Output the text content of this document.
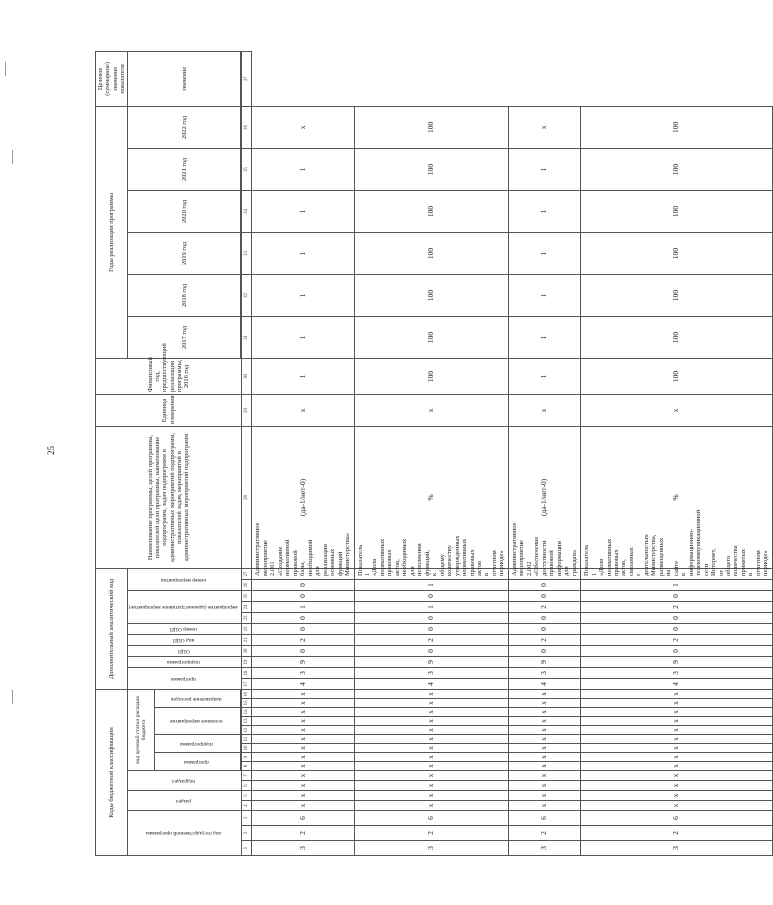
25
Коды бюджетной классификации																Дополнительный аналитический код											Наименование программы, целей программы, показателей цели программы, наименование подпрограмм, задач подпрограмм и административных мероприятий подпрограмм, показателей задач, мероприятий и административных мероприятий подпрограмм	Единица измерения	Финансовый год, предшествующий реализации программы, 2016 год	Годы реализации программы						Целевое (суммарное) значение показателя
код государственной программы			раздел		подраздел		код целевой статьи расходов бюджета									программа		подпрограмма	ОЦП	вид ОЦП	номер ОЦП	мероприятие (административное мероприятие)			номер мероприятия					2017 год	2018 год	2019 год	2020 год	2021 год	2022 год	значение
							программа		подпрограмма		основное мероприятие			направление расходов																						

1	2	3	4	5	6	7	8	9	10	11	12	13	14	15	16	17	18	19	20	21	22	23	24	25	26	27	28	29	30	31	32	33	34	35	36	37
3	2	6	х	х	х	х	х	х	х	х	х	х	х	х	х	4	3	9	0	2	0	0	1	0	0	Административное мероприятие 2.001 «Создание нормативной правовой базы, необходимой для реализации основных функций Министерства»	(да-1/нет-0)	х	1	1	1	1	1	1	х	
3	2	6	х	х	х	х	х	х	х	х	х	х	х	х	х	4	3	9	0	2	0	0	1	0	1	Показатель 1 «Доля нормативных правовых актов, необходимых для исполнения функций, к общему количеству утвержденных нормативных правовых актов в отчетном периоде»	%	х	100	100	100	100	100	100	100	
3	2	6	х	х	х	х	х	х	х	х	х	х	х	х	х	4	3	9	0	2	0	0	2	0	0	Административное мероприятие 2.002 «Обеспечение доступности правовой информации для граждан»	(да-1/нет-0)	х	1	1	1	1	1	1	х	
3	2	6	х	х	х	х	х	х	х	х	х	х	х	х	х	4	3	9	0	2	0	0	2	0	1	Показатель 1 «Доля нормативных правовых актов, связанных с деятельностью Министерства, размещенных на сайте в информационно-телекоммуникационной сети Интернет, от общего количества принятых в отчетном периоде»	%	х	100	100	100	100	100	100	100	
